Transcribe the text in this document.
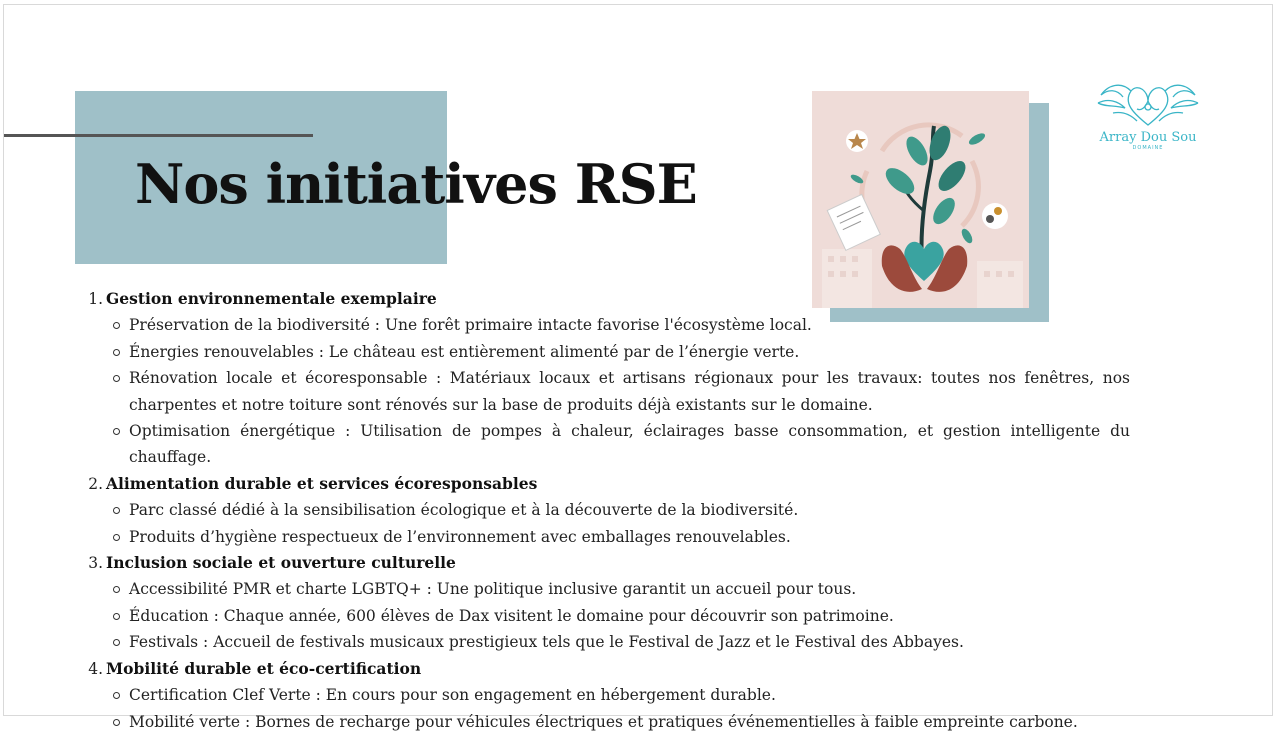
Nos initiatives RSE
Array Dou Sou
DOMAINE
1. Gestion environnementale exemplaire
Préservation de la biodiversité : Une forêt primaire intacte favorise l'écosystème local.
Énergies renouvelables : Le château est entièrement alimenté par de l’énergie verte.
Rénovation locale et écoresponsable : Matériaux locaux et artisans régionaux pour les travaux: toutes nos fenêtres, nos charpentes et notre toiture sont rénovés sur la base de produits déjà existants sur le domaine.
Optimisation énergétique : Utilisation de pompes à chaleur, éclairages basse consommation, et gestion intelligente du chauffage.
2. Alimentation durable et services écoresponsables
Parc classé dédié à la sensibilisation écologique et à la découverte de la biodiversité.
Produits d’hygiène respectueux de l’environnement avec emballages renouvelables.
3. Inclusion sociale et ouverture culturelle
Accessibilité PMR et charte LGBTQ+ : Une politique inclusive garantit un accueil pour tous.
Éducation : Chaque année, 600 élèves de Dax visitent le domaine pour découvrir son patrimoine.
Festivals : Accueil de festivals musicaux prestigieux tels que le Festival de Jazz et le Festival des Abbayes.
4. Mobilité durable et éco-certification
Certification Clef Verte : En cours pour son engagement en hébergement durable.
Mobilité verte : Bornes de recharge pour véhicules électriques et pratiques événementielles à faible empreinte carbone.
